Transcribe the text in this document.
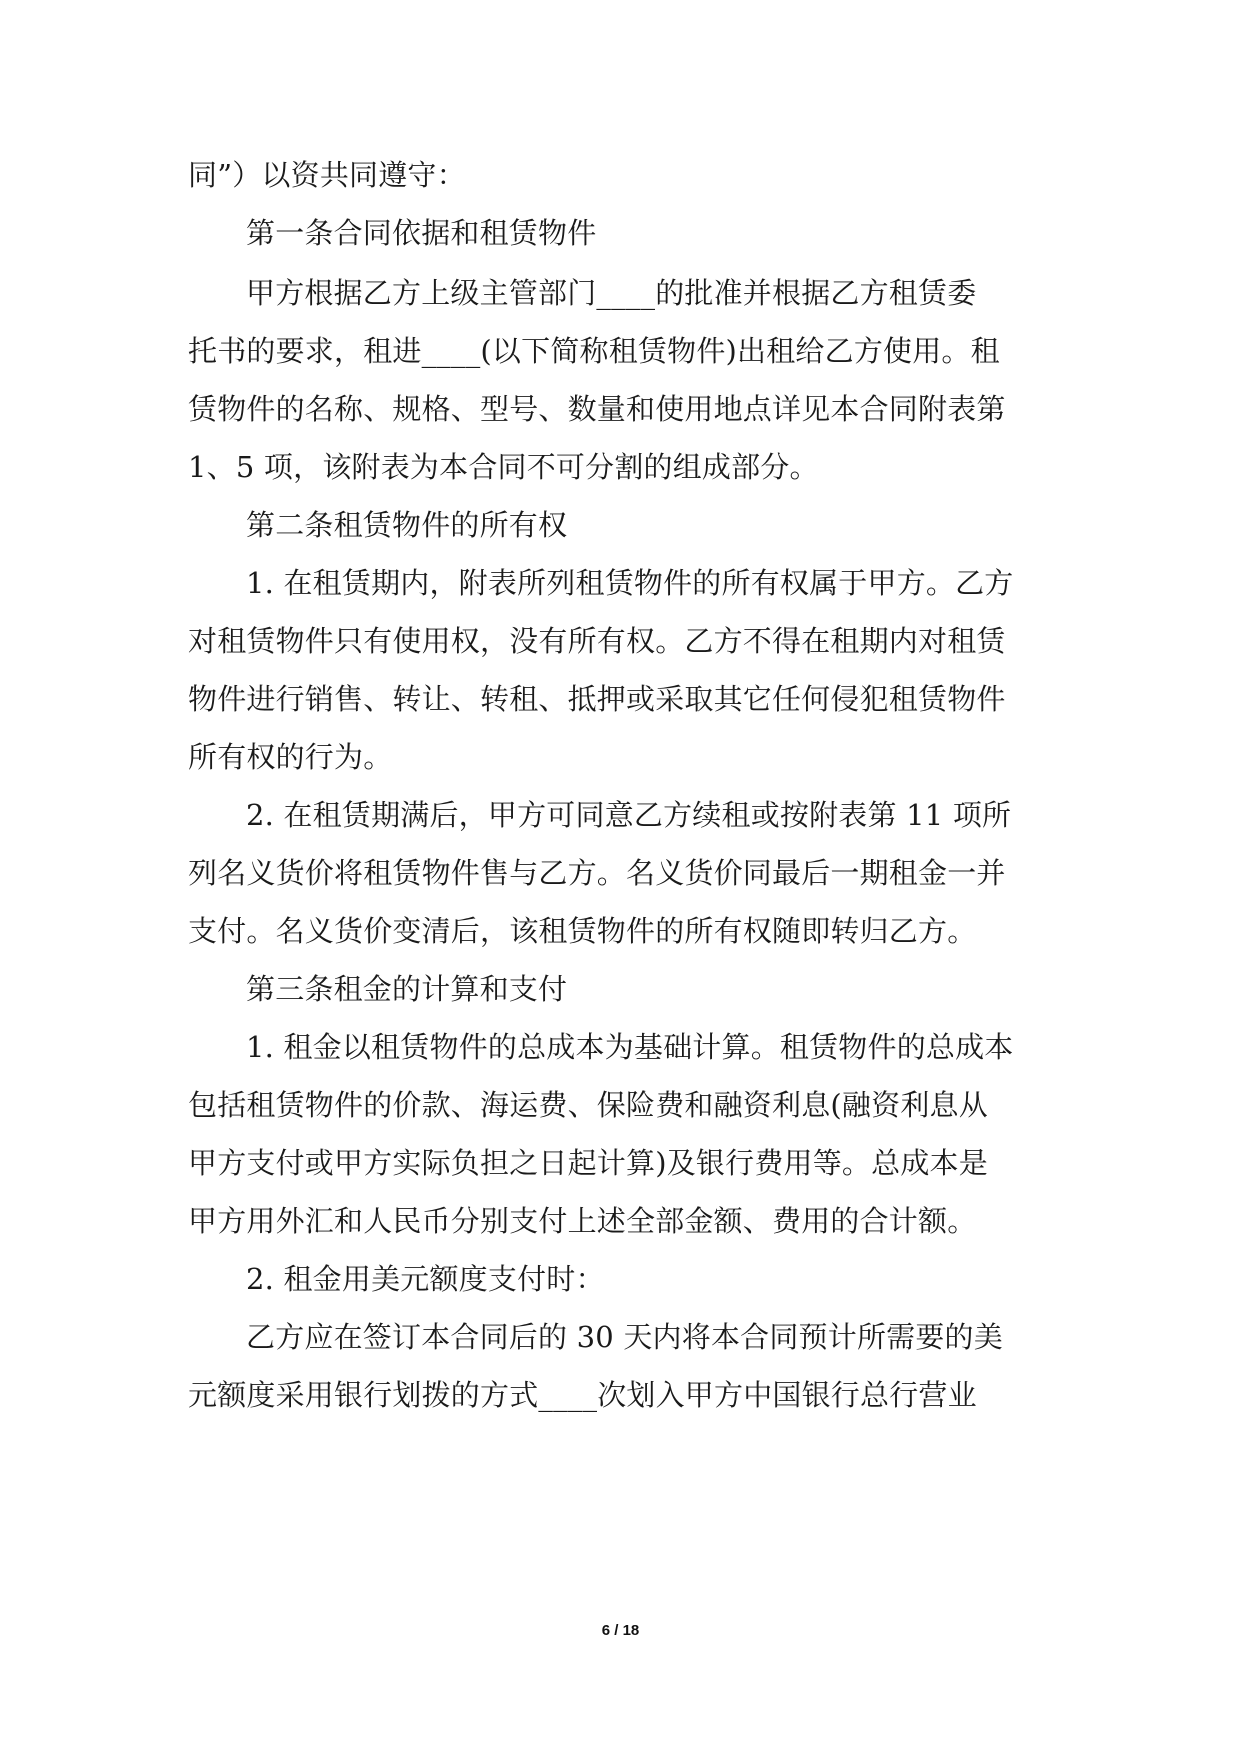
同”）以资共同遵守：
第一条合同依据和租赁物件
甲方根据乙方上级主管部门____的批准并根据乙方租赁委
托书的要求，租进____(以下简称租赁物件)出租给乙方使用。租
赁物件的名称、规格、型号、数量和使用地点详见本合同附表第
1、5 项，该附表为本合同不可分割的组成部分。
第二条租赁物件的所有权
1. 在租赁期内，附表所列租赁物件的所有权属于甲方。乙方
对租赁物件只有使用权，没有所有权。乙方不得在租期内对租赁
物件进行销售、转让、转租、抵押或采取其它任何侵犯租赁物件
所有权的行为。
2. 在租赁期满后，甲方可同意乙方续租或按附表第 11 项所
列名义货价将租赁物件售与乙方。名义货价同最后一期租金一并
支付。名义货价变清后，该租赁物件的所有权随即转归乙方。
第三条租金的计算和支付
1. 租金以租赁物件的总成本为基础计算。租赁物件的总成本
包括租赁物件的价款、海运费、保险费和融资利息(融资利息从
甲方支付或甲方实际负担之日起计算)及银行费用等。总成本是
甲方用外汇和人民币分别支付上述全部金额、费用的合计额。
2. 租金用美元额度支付时：
乙方应在签订本合同后的 30 天内将本合同预计所需要的美
元额度采用银行划拨的方式____次划入甲方中国银行总行营业
6 / 18
